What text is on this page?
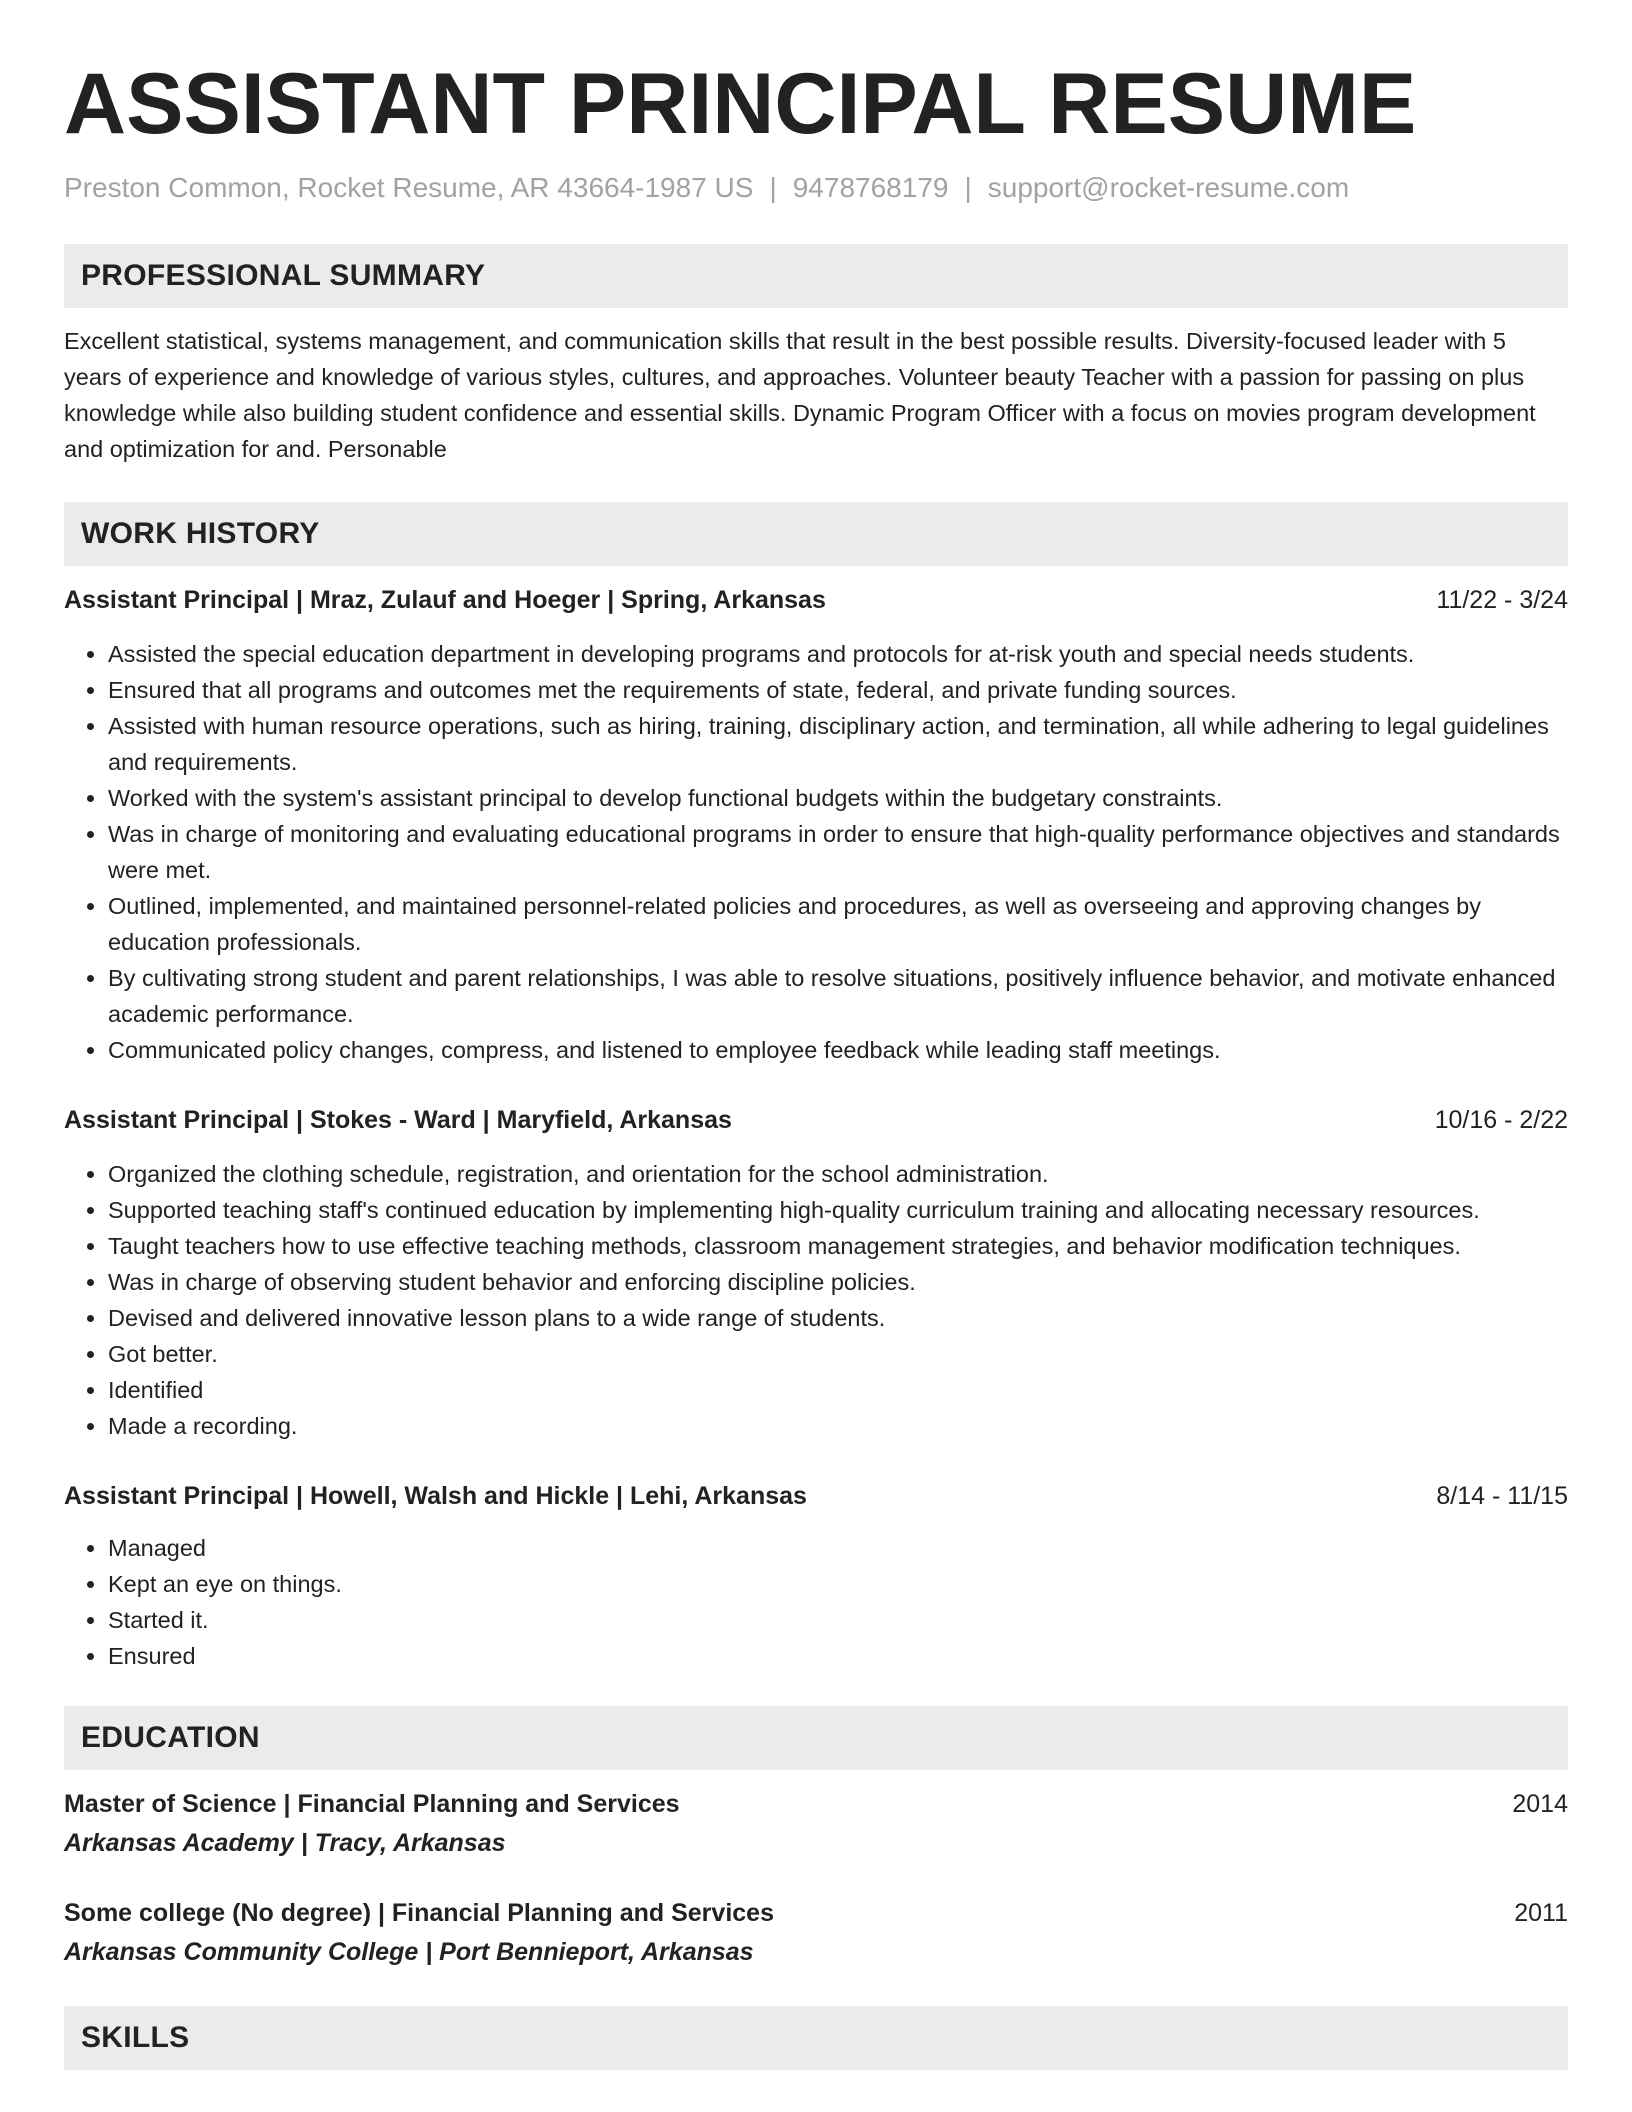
ASSISTANT PRINCIPAL RESUME
Preston Common, Rocket Resume, AR 43664-1987 US | 9478768179 | support@rocket-resume.com
PROFESSIONAL SUMMARY

Excellent statistical, systems management, and communication skills that result in the best possible results. Diversity-focused leader with 5 years of experience and knowledge of various styles, cultures, and approaches. Volunteer beauty Teacher with a passion for passing on plus knowledge while also building student confidence and essential skills. Dynamic Program Officer with a focus on movies program development and optimization for and. Personable

WORK HISTORY
Assistant Principal | Mraz, Zulauf and Hoeger | Spring, Arkansas	11/22 - 3/24
• Assisted the special education department in developing programs and protocols for at-risk youth and special needs students.
• Ensured that all programs and outcomes met the requirements of state, federal, and private funding sources.
• Assisted with human resource operations, such as hiring, training, disciplinary action, and termination, all while adhering to legal guidelines and requirements.
• Worked with the system's assistant principal to develop functional budgets within the budgetary constraints.
• Was in charge of monitoring and evaluating educational programs in order to ensure that high-quality performance objectives and standards were met.
• Outlined, implemented, and maintained personnel-related policies and procedures, as well as overseeing and approving changes by education professionals.
• By cultivating strong student and parent relationships, I was able to resolve situations, positively influence behavior, and motivate enhanced academic performance.
• Communicated policy changes, compress, and listened to employee feedback while leading staff meetings.
Assistant Principal | Stokes - Ward | Maryfield, Arkansas	10/16 - 2/22
• Organized the clothing schedule, registration, and orientation for the school administration.
• Supported teaching staff's continued education by implementing high-quality curriculum training and allocating necessary resources.
• Taught teachers how to use effective teaching methods, classroom management strategies, and behavior modification techniques.
• Was in charge of observing student behavior and enforcing discipline policies.
• Devised and delivered innovative lesson plans to a wide range of students.
• Got better.
• Identified
• Made a recording.
Assistant Principal | Howell, Walsh and Hickle | Lehi, Arkansas	8/14 - 11/15
• Managed
• Kept an eye on things.
• Started it.
• Ensured
EDUCATION
Master of Science | Financial Planning and Services	2014
Arkansas Academy | Tracy, Arkansas
Some college (No degree) | Financial Planning and Services	2011
Arkansas Community College | Port Bennieport, Arkansas
SKILLS
